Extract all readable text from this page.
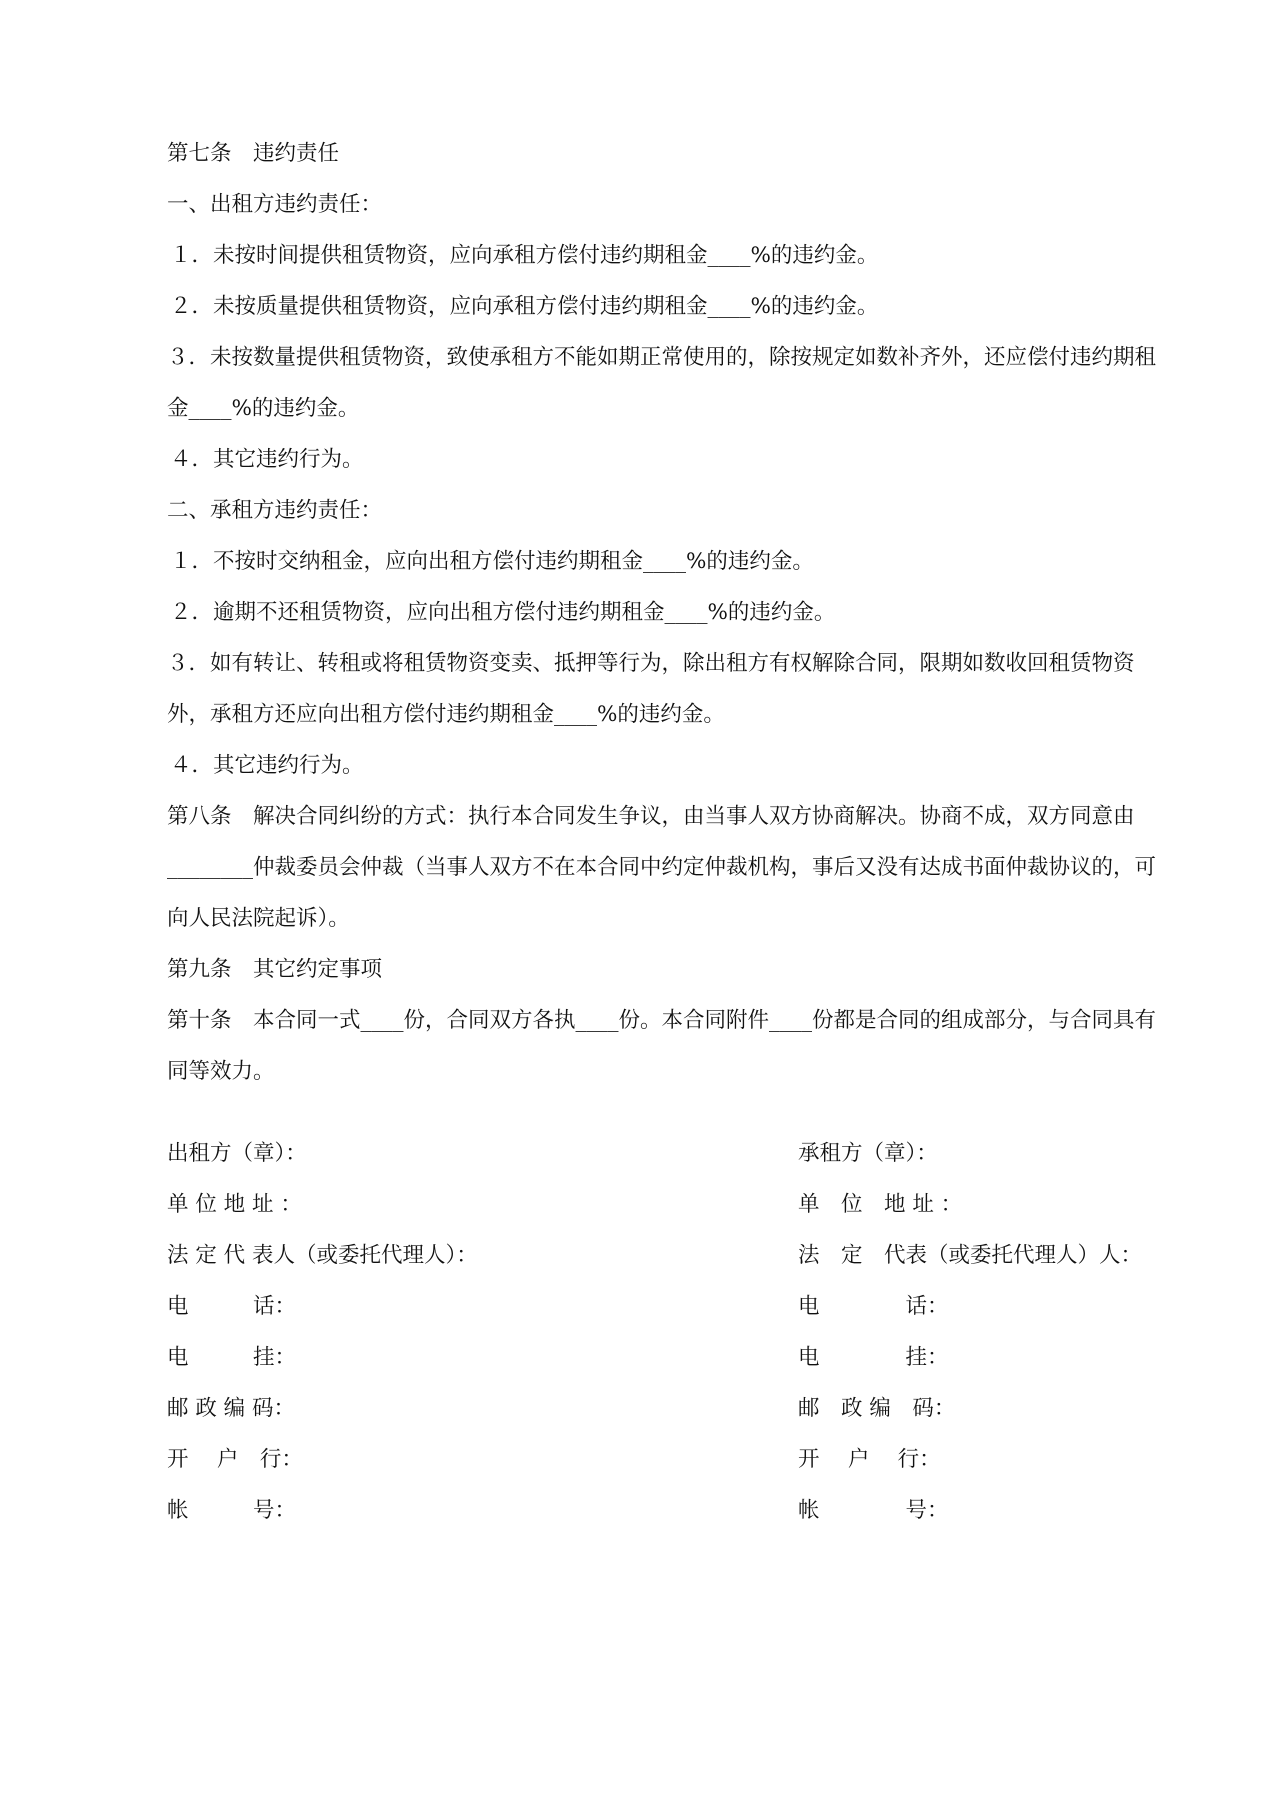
第七条　违约责任

一、出租方违约责任：

１．未按时间提供租赁物资，应向承租方偿付违约期租金____%的违约金。

２．未按质量提供租赁物资，应向承租方偿付违约期租金____%的违约金。

３．未按数量提供租赁物资，致使承租方不能如期正常使用的，除按规定如数补齐外，还应偿付违约期租金____%的违约金。

４．其它违约行为。

二、承租方违约责任：

１．不按时交纳租金，应向出租方偿付违约期租金____%的违约金。

２．逾期不还租赁物资，应向出租方偿付违约期租金____%的违约金。

３．如有转让、转租或将租赁物资变卖、抵押等行为，除出租方有权解除合同，限期如数收回租赁物资外，承租方还应向出租方偿付违约期租金____%的违约金。

４．其它违约行为。

第八条　解决合同纠纷的方式：执行本合同发生争议，由当事人双方协商解决。协商不成，双方同意由________仲裁委员会仲裁（当事人双方不在本合同中约定仲裁机构，事后又没有达成书面仲裁协议的，可向人民法院起诉）。

第九条　其它约定事项

第十条　本合同一式____份，合同双方各执____份。本合同附件____份都是合同的组成部分，与合同具有同等效力。

出租方（章）：

单 位 地 址 ：

法 定 代 表人（或委托代理人）：

电　　　话：

电　　　挂：

邮 政 编 码：

开　 户　行：

帐　　　号：

承租方（章）：

单　位　地 址 ：

法　定　代表（或委托代理人）人：

电　　　　话：

电　　　　挂：

邮　政 编　码：

开　 户　 行：

帐　　　　号：
